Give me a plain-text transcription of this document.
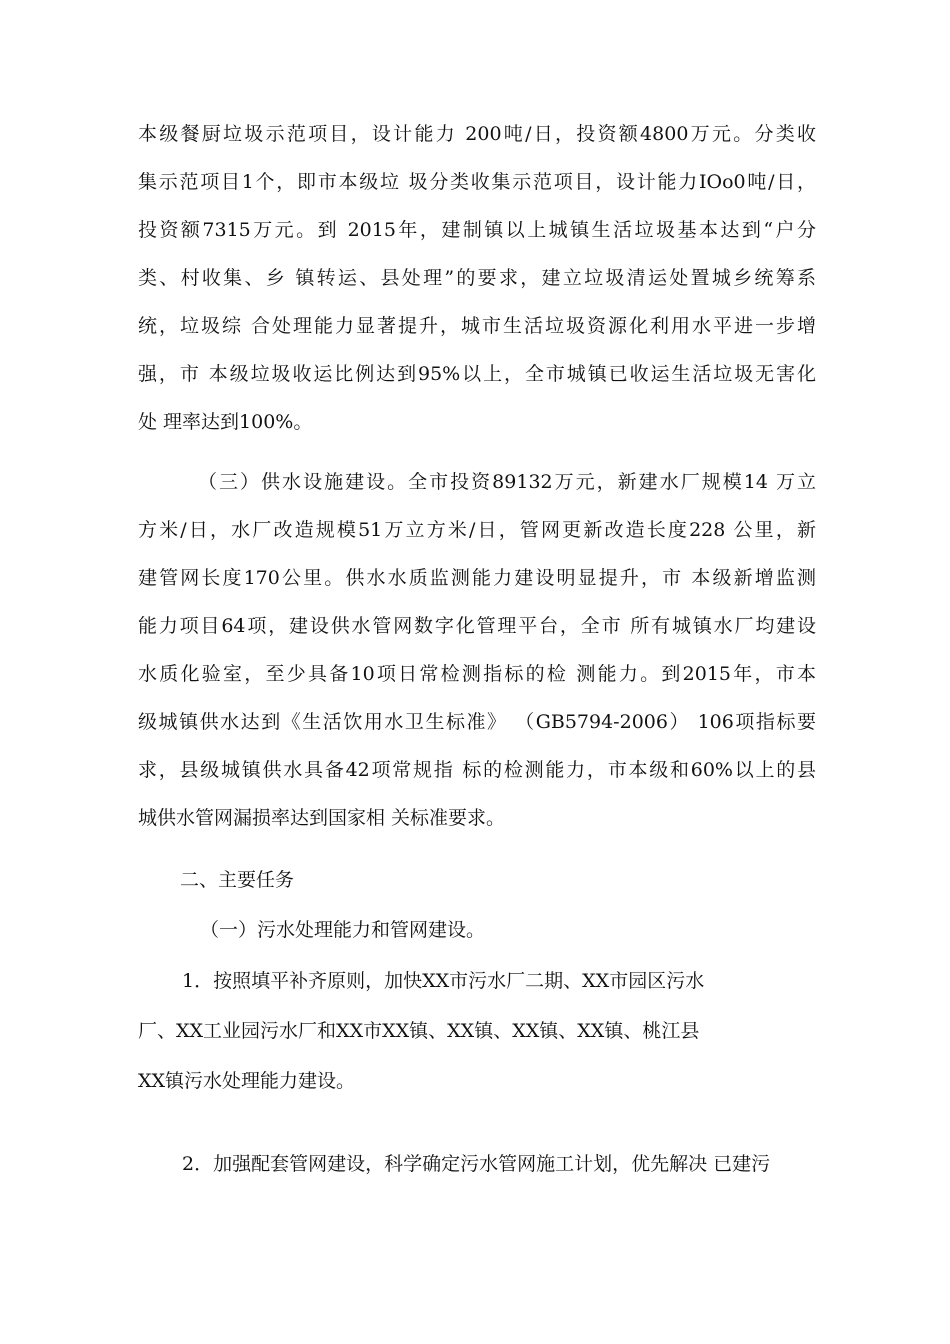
本级餐厨垃圾示范项目，设计能力 200吨/日，投资额4800万元。分类收
集示范项目1个，即市本级垃 圾分类收集示范项目，设计能力IOo0吨/日，
投资额7315万元。到 2015年，建制镇以上城镇生活垃圾基本达到“户分
类、村收集、乡 镇转运、县处理”的要求，建立垃圾清运处置城乡统筹系
统，垃圾综 合处理能力显著提升，城市生活垃圾资源化利用水平进一步增
强，市 本级垃圾收运比例达到95%以上，全市城镇已收运生活垃圾无害化
处 理率达到100%。
（三）供水设施建设。全市投资89132万元，新建水厂规模14 万立
方米/日，水厂改造规模51万立方米/日，管网更新改造长度228 公里，新
建管网长度170公里。供水水质监测能力建设明显提升，市 本级新增监测
能力项目64项，建设供水管网数字化管理平台，全市 所有城镇水厂均建设
水质化验室，至少具备10项日常检测指标的检 测能力。到2015年，市本
级城镇供水达到《生活饮用水卫生标准》 （GB5794-2006） 106项指标要
求，县级城镇供水具备42项常规指 标的检测能力，市本级和60%以上的县
城供水管网漏损率达到国家相 关标准要求。

二、主要任务

（一）污水处理能力和管网建设。

1．按照填平补齐原则，加快XX市污水厂二期、XX市园区污水
厂、XX工业园污水厂和XX市XX镇、XX镇、XX镇、XX镇、桃江县
XX镇污水处理能力建设。

2．加强配套管网建设，科学确定污水管网施工计划，优先解决 已建污
